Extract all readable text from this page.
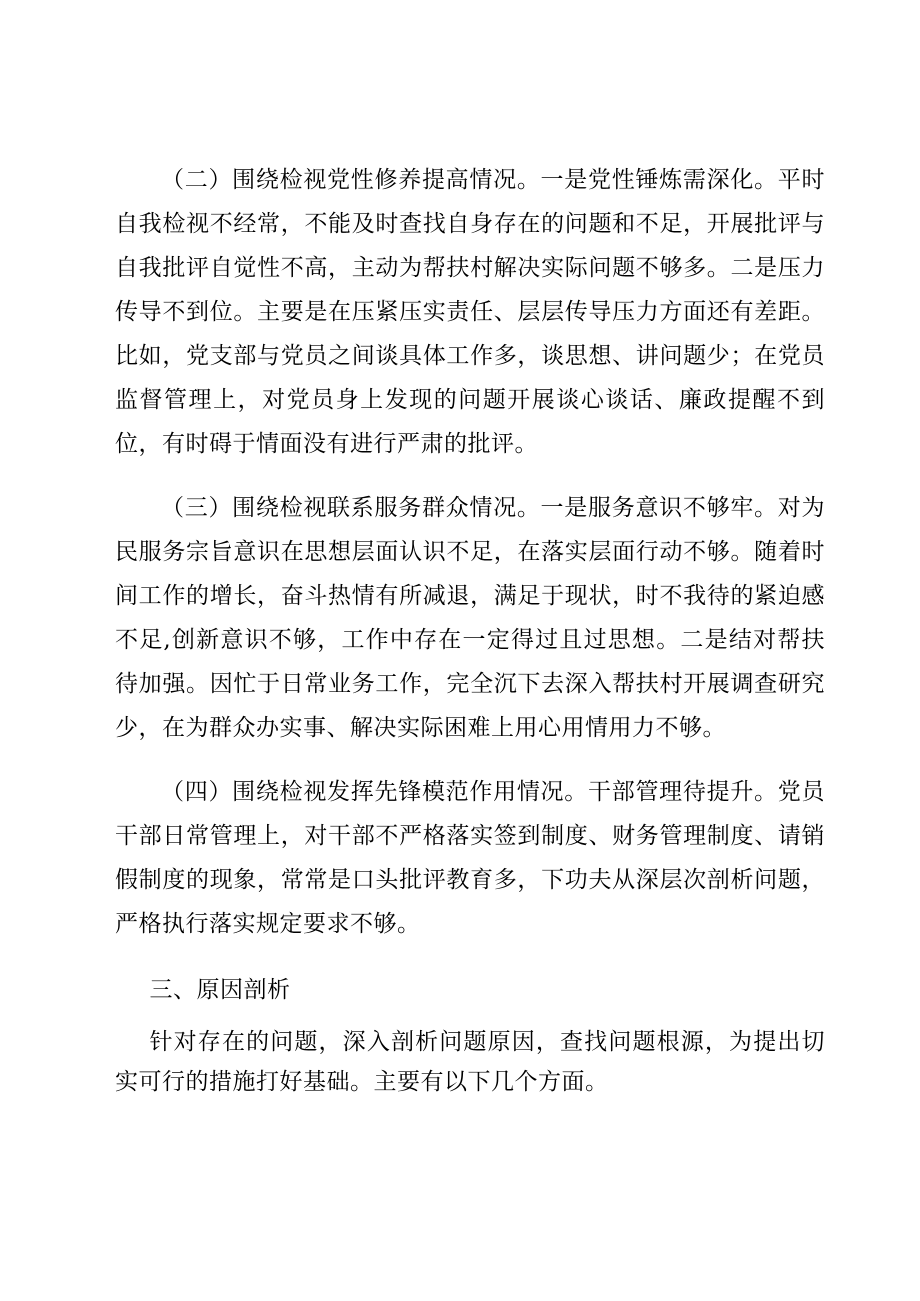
（二）围绕检视党性修养提高情况。一是党性锤炼需深化。平时自我检视不经常，不能及时查找自身存在的问题和不足，开展批评与自我批评自觉性不高，主动为帮扶村解决实际问题不够多。二是压力传导不到位。主要是在压紧压实责任、层层传导压力方面还有差距。比如，党支部与党员之间谈具体工作多，谈思想、讲问题少；在党员监督管理上，对党员身上发现的问题开展谈心谈话、廉政提醒不到位，有时碍于情面没有进行严肃的批评。

（三）围绕检视联系服务群众情况。一是服务意识不够牢。对为民服务宗旨意识在思想层面认识不足，在落实层面行动不够。随着时间工作的增长，奋斗热情有所减退，满足于现状，时不我待的紧迫感不足,创新意识不够，工作中存在一定得过且过思想。二是结对帮扶待加强。因忙于日常业务工作，完全沉下去深入帮扶村开展调查研究少，在为群众办实事、解决实际困难上用心用情用力不够。

（四）围绕检视发挥先锋模范作用情况。干部管理待提升。党员干部日常管理上，对干部不严格落实签到制度、财务管理制度、请销假制度的现象，常常是口头批评教育多，下功夫从深层次剖析问题，严格执行落实规定要求不够。

三、原因剖析

针对存在的问题，深入剖析问题原因，查找问题根源，为提出切实可行的措施打好基础。主要有以下几个方面。
